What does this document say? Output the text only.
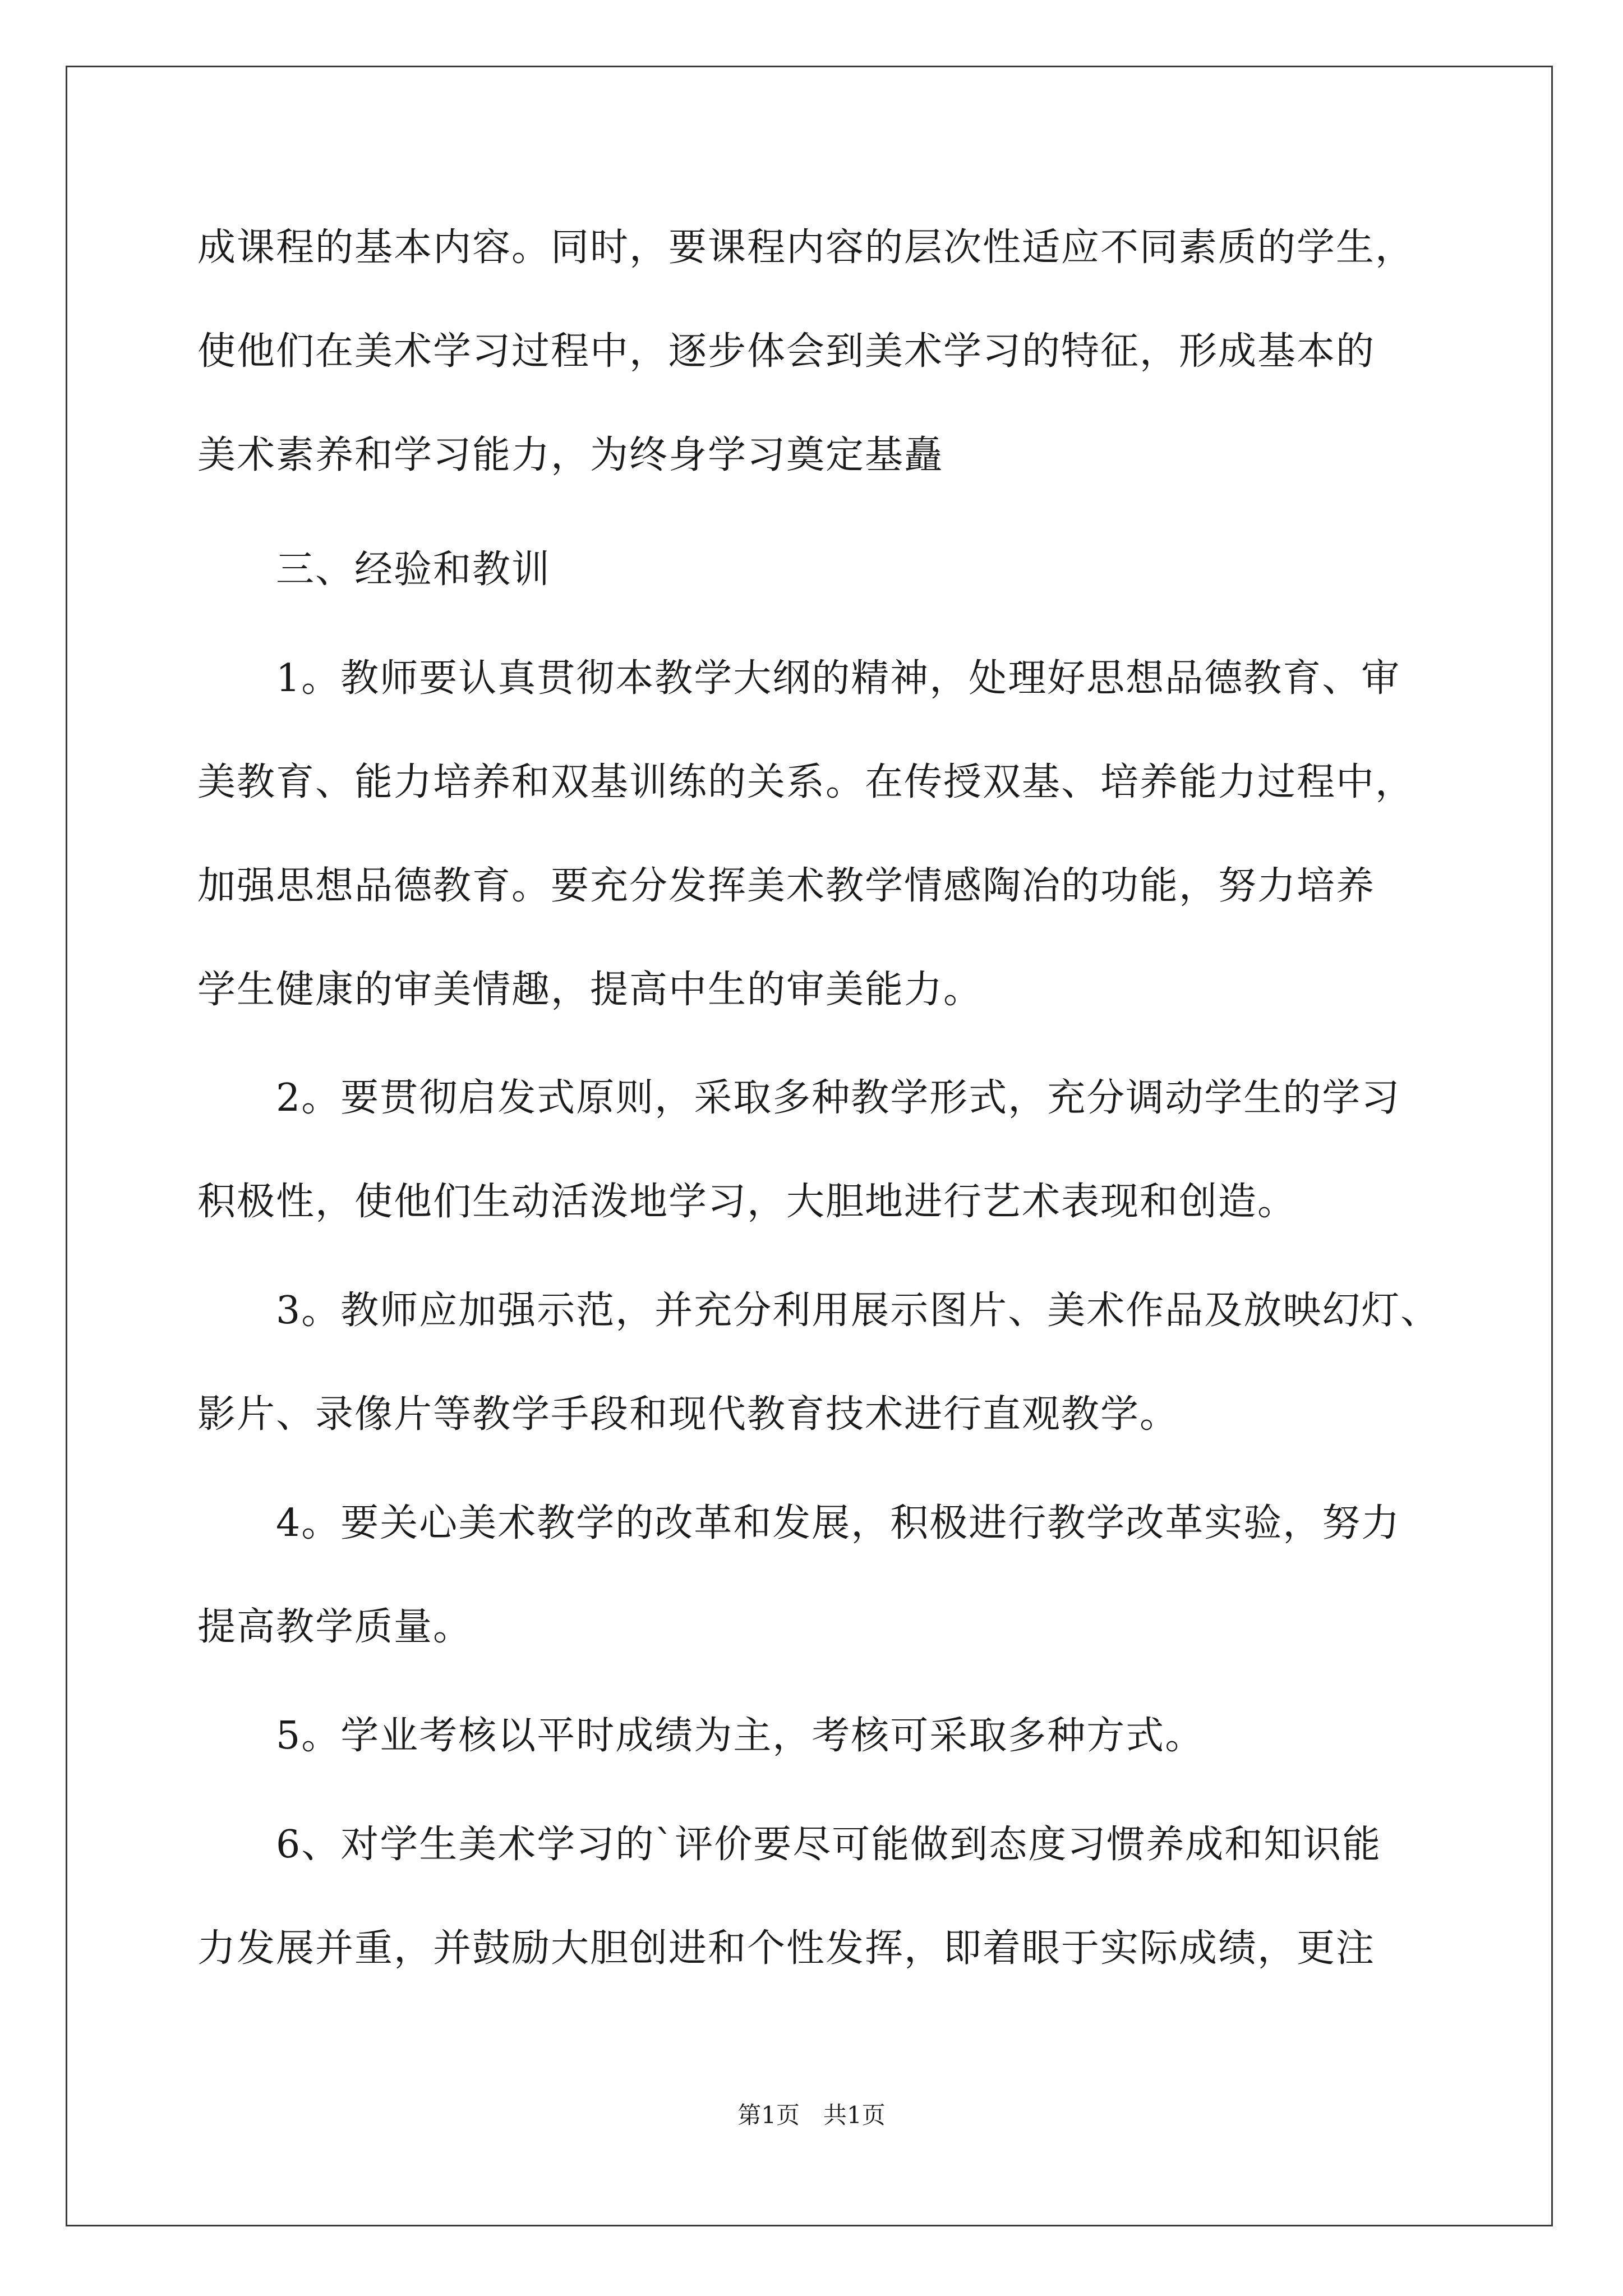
成课程的基本内容。同时，要课程内容的层次性适应不同素质的学生，
使他们在美术学习过程中，逐步体会到美术学习的特征，形成基本的
美术素养和学习能力，为终身学习奠定基矗
三、经验和教训
1。教师要认真贯彻本教学大纲的精神，处理好思想品德教育、审
美教育、能力培养和双基训练的关系。在传授双基、培养能力过程中，
加强思想品德教育。要充分发挥美术教学情感陶冶的功能，努力培养
学生健康的审美情趣，提高中生的审美能力。
2。要贯彻启发式原则，采取多种教学形式，充分调动学生的学习
积极性，使他们生动活泼地学习，大胆地进行艺术表现和创造。
3。教师应加强示范，并充分利用展示图片、美术作品及放映幻灯、
影片、录像片等教学手段和现代教育技术进行直观教学。
4。要关心美术教学的改革和发展，积极进行教学改革实验，努力
提高教学质量。
5。学业考核以平时成绩为主，考核可采取多种方式。
6、对学生美术学习的`评价要尽可能做到态度习惯养成和知识能
力发展并重，并鼓励大胆创进和个性发挥，即着眼于实际成绩，更注
第1页　共1页
